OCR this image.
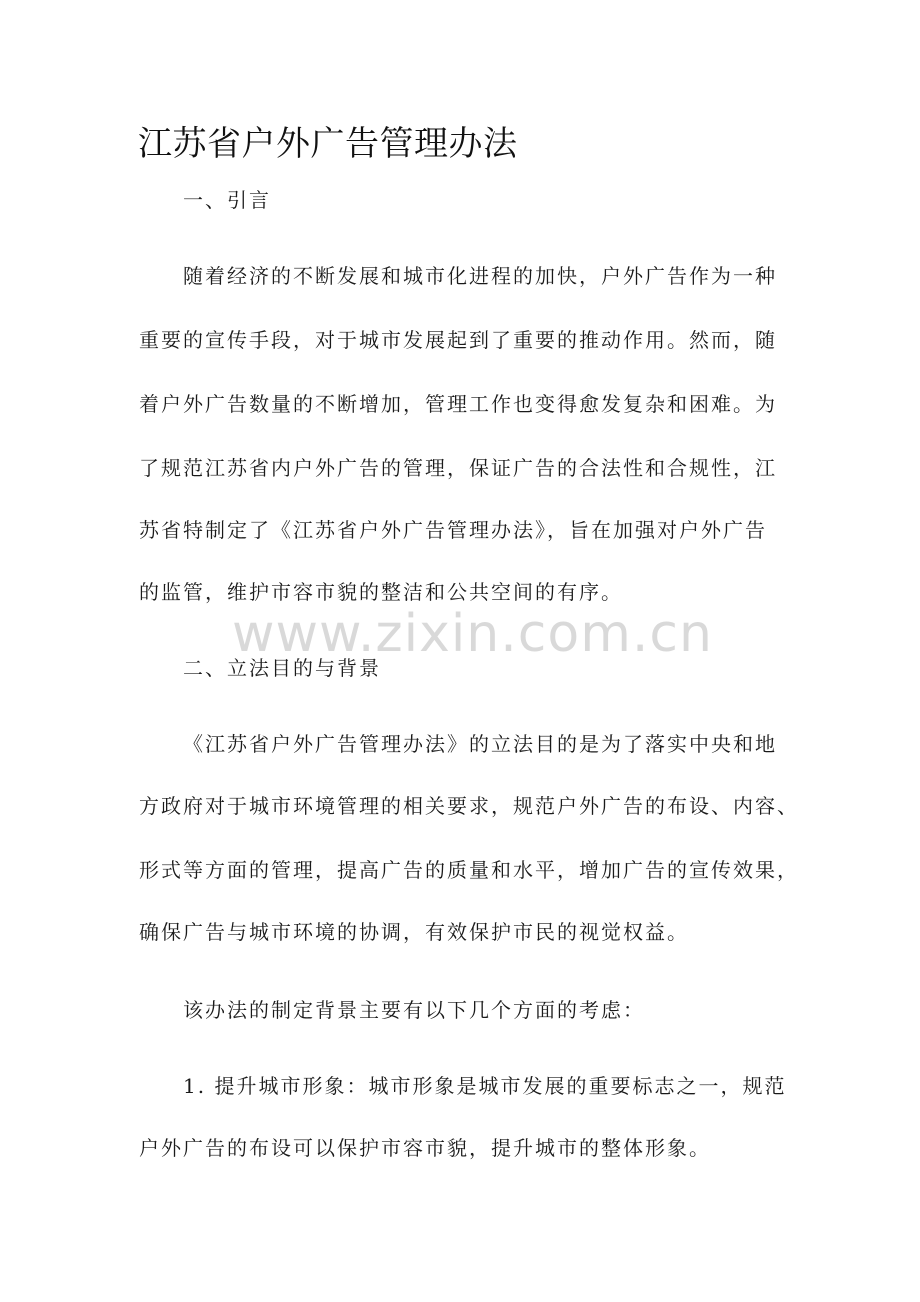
江苏省户外广告管理办法
一、引言
随着经济的不断发展和城市化进程的加快，户外广告作为一种
重要的宣传手段，对于城市发展起到了重要的推动作用。然而，随
着户外广告数量的不断增加，管理工作也变得愈发复杂和困难。为
了规范江苏省内户外广告的管理，保证广告的合法性和合规性，江
苏省特制定了《江苏省户外广告管理办法》，旨在加强对户外广告
的监管，维护市容市貌的整洁和公共空间的有序。
www.zixin.com.cn
二、立法目的与背景
《江苏省户外广告管理办法》的立法目的是为了落实中央和地
方政府对于城市环境管理的相关要求，规范户外广告的布设、内容、
形式等方面的管理，提高广告的质量和水平，增加广告的宣传效果，
确保广告与城市环境的协调，有效保护市民的视觉权益。
该办法的制定背景主要有以下几个方面的考虑：
1. 提升城市形象：城市形象是城市发展的重要标志之一，规范
户外广告的布设可以保护市容市貌，提升城市的整体形象。
